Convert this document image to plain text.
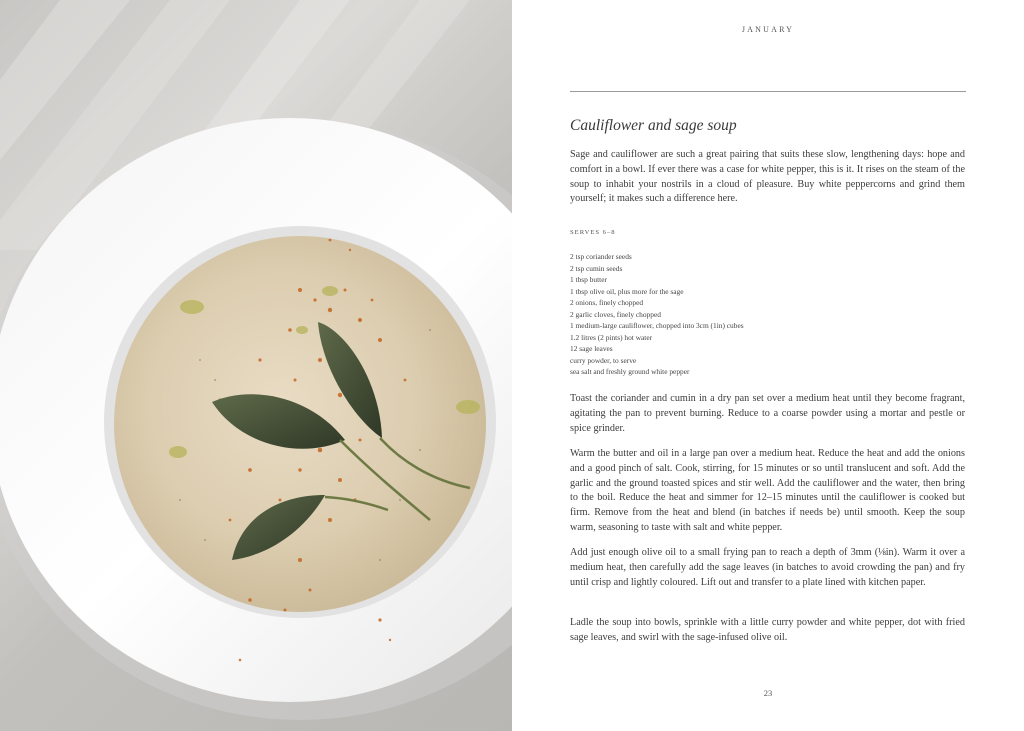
JANUARY
Cauliflower and sage soup

Sage and cauliflower are such a great pairing that suits these slow, lengthening days: hope and comfort in a bowl. If ever there was a case for white pepper, this is it. It rises on the steam of the soup to inhabit your nostrils in a cloud of pleasure. Buy white peppercorns and grind them yourself; it makes such a difference here.

SERVES 6–8
2 tsp coriander seeds
2 tsp cumin seeds
1 tbsp butter
1 tbsp olive oil, plus more for the sage
2 onions, finely chopped
2 garlic cloves, finely chopped
1 medium-large cauliflower, chopped into 3cm (1in) cubes
1.2 litres (2 pints) hot water
12 sage leaves
curry powder, to serve
sea salt and freshly ground white pepper

Toast the coriander and cumin in a dry pan set over a medium heat until they become fragrant, agitating the pan to prevent burning. Reduce to a coarse powder using a mortar and pestle or spice grinder.

Warm the butter and oil in a large pan over a medium heat. Reduce the heat and add the onions and a good pinch of salt. Cook, stirring, for 15 minutes or so until translucent and soft. Add the garlic and the ground toasted spices and stir well. Add the cauliflower and the water, then bring to the boil. Reduce the heat and simmer for 12–15 minutes until the cauliflower is cooked but firm. Remove from the heat and blend (in batches if needs be) until smooth. Keep the soup warm, seasoning to taste with salt and white pepper.

Add just enough olive oil to a small frying pan to reach a depth of 3mm (⅛in). Warm it over a medium heat, then carefully add the sage leaves (in batches to avoid crowding the pan) and fry until crisp and lightly coloured. Lift out and transfer to a plate lined with kitchen paper.

Ladle the soup into bowls, sprinkle with a little curry powder and white pepper, dot with fried sage leaves, and swirl with the sage-infused olive oil.

23
